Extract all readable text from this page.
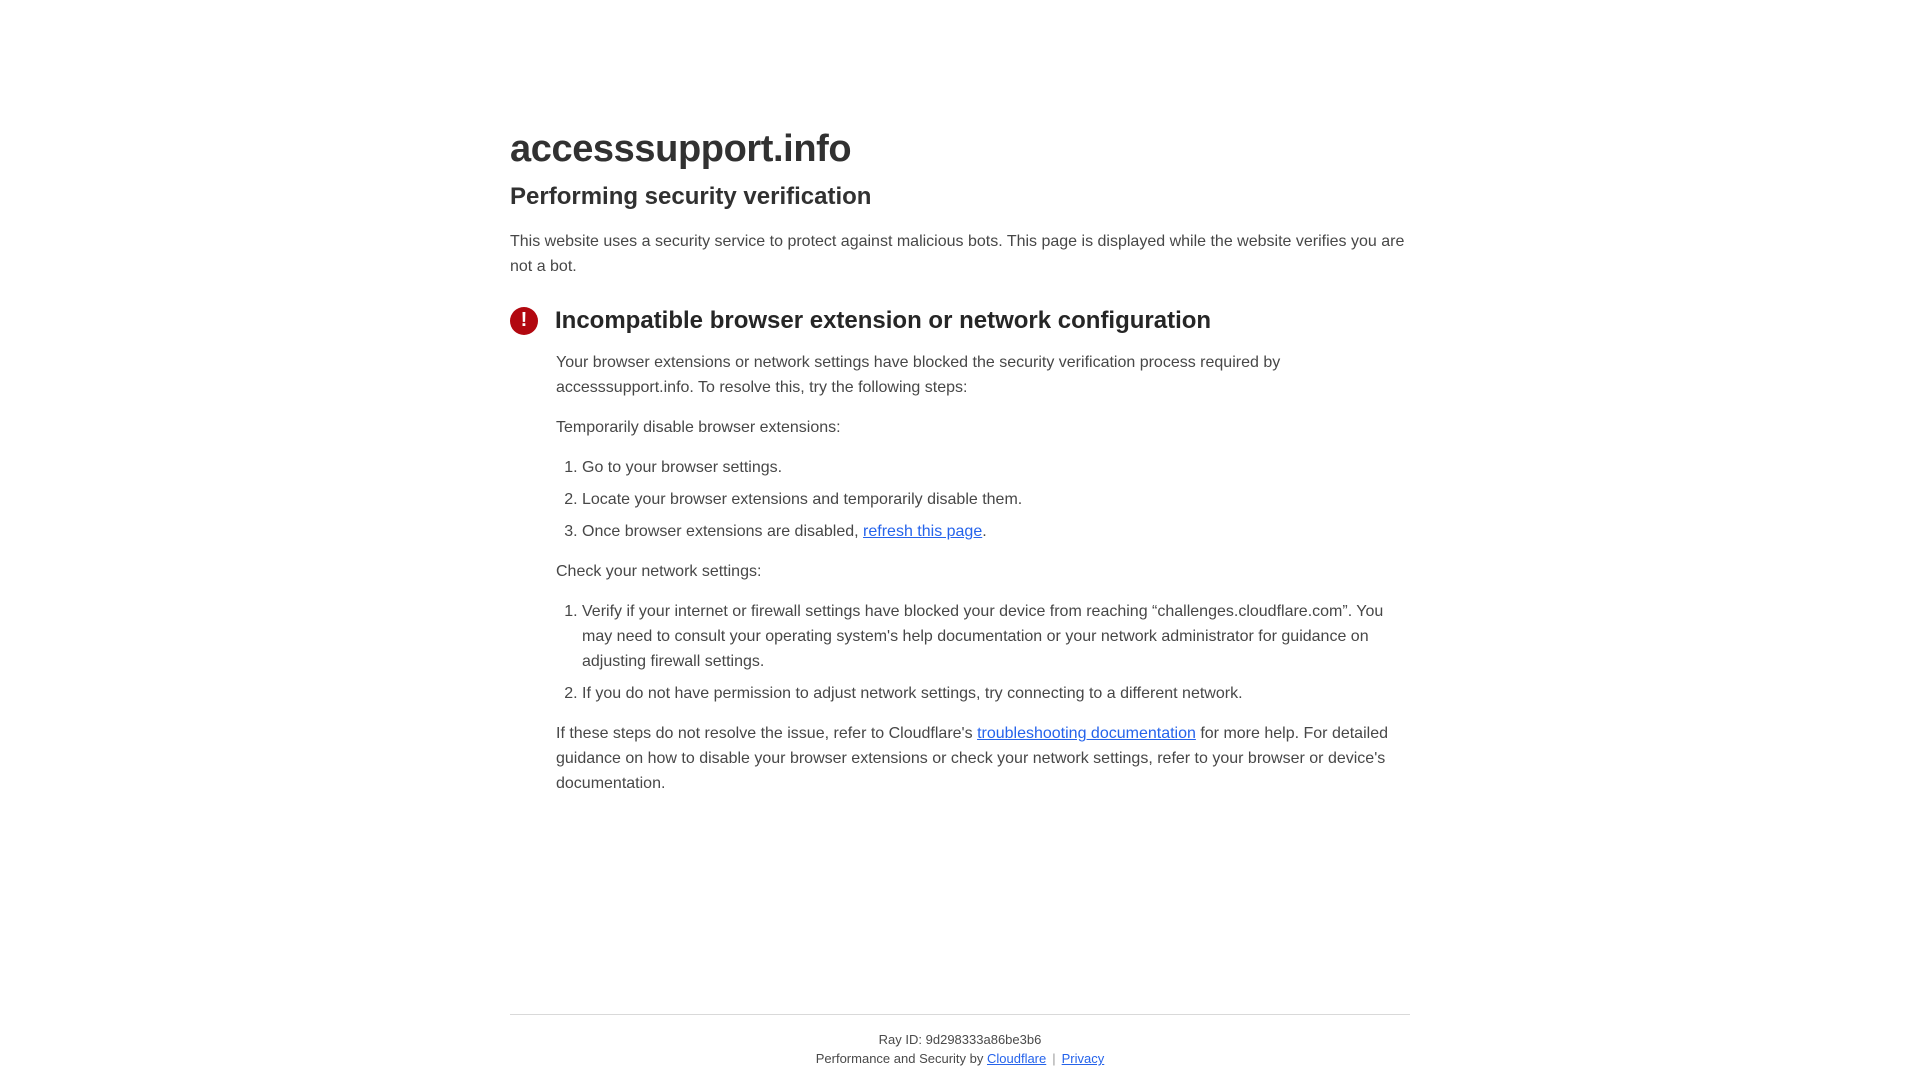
accesssupport.info
Performing security verification

This website uses a security service to protect against malicious bots. This page is displayed while the website verifies you are not a bot.

!	Incompatible browser extension or network configuration

Your browser extensions or network settings have blocked the security verification process required by accesssupport.info. To resolve this, try the following steps:

Temporarily disable browser extensions:

1. Go to your browser settings.
2. Locate your browser extensions and temporarily disable them.
3. Once browser extensions are disabled, refresh this page.

Check your network settings:

1. Verify if your internet or firewall settings have blocked your device from reaching “challenges.cloudflare.com”. You may need to consult your operating system's help documentation or your network administrator for guidance on adjusting firewall settings.
2. If you do not have permission to adjust network settings, try connecting to a different network.

If these steps do not resolve the issue, refer to Cloudflare's troubleshooting documentation for more help. For detailed guidance on how to disable your browser extensions or check your network settings, refer to your browser or device's documentation.

Ray ID: 9d298333a86be3b6
Performance and Security by Cloudflare | Privacy
